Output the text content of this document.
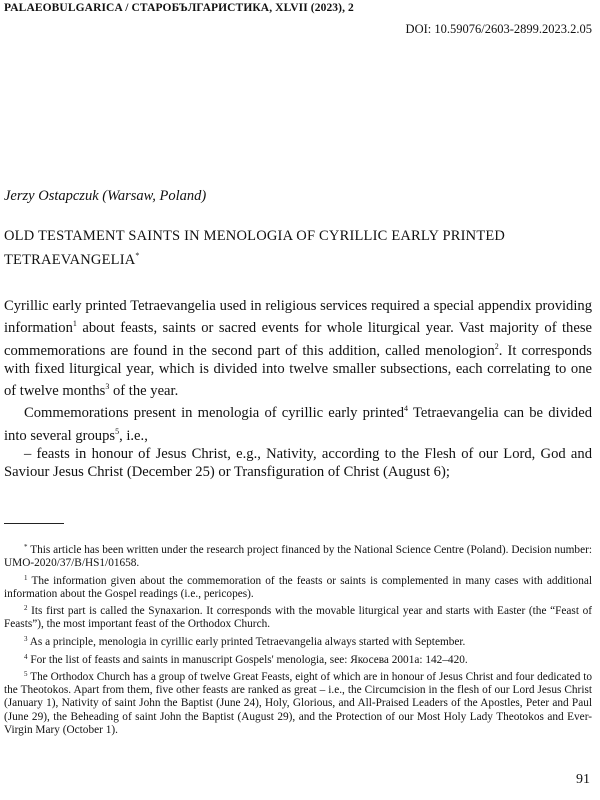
PALAEOBULGARICA / СТАРОБЪЛГАРИСТИКА, XLVII (2023), 2
DOI: 10.59076/2603-2899.2023.2.05
Jerzy Ostapczuk (Warsaw, Poland)
OLD TESTAMENT SAINTS IN MENOLOGIA OF CYRILLIC EARLY PRINTED TETRAEVANGELIA*

Cyrillic early printed Tetraevangelia used in religious services required a special appendix providing information$^1$ about feasts, saints or sacred events for whole liturgical year. Vast majority of these commemorations are found in the second part of this addition, called menologion$^2$. It corresponds with fixed liturgical year, which is divided into twelve smaller subsections, each correlating to one of twelve months$^3$ of the year.

Commemorations present in menologia of cyrillic early printed$^4$ Tetraevangelia can be divided into several groups$^5$, i.e.,

– feasts in honour of Jesus Christ, e.g., Nativity, according to the Flesh of our Lord, God and Saviour Jesus Christ (December 25) or Transfiguration of Christ (August 6);

* This article has been written under the research project financed by the National Science Centre (Poland). Decision number: UMO-2020/37/B/HS1/01658.

$^1$ The information given about the commemoration of the feasts or saints is complemented in many cases with additional information about the Gospel readings (i.e., pericopes).

$^2$ Its first part is called the Synaxarion. It corresponds with the movable liturgical year and starts with Easter (the “Feast of Feasts”), the most important feast of the Orthodox Church.

$^3$ As a principle, menologia in cyrillic early printed Tetraevangelia always started with September.

$^4$ For the list of feasts and saints in manuscript Gospels' menologia, see: Якосева 2001a: 142–420.

$^5$ The Orthodox Church has a group of twelve Great Feasts, eight of which are in honour of Jesus Christ and four dedicated to the Theotokos. Apart from them, five other feasts are ranked as great – i.e., the Circumcision in the flesh of our Lord Jesus Christ (January 1), Nativity of saint John the Baptist (June 24), Holy, Glorious, and All-Praised Leaders of the Apostles, Peter and Paul (June 29), the Beheading of saint John the Baptist (August 29), and the Protection of our Most Holy Lady Theotokos and Ever-Virgin Mary (October 1).

91
